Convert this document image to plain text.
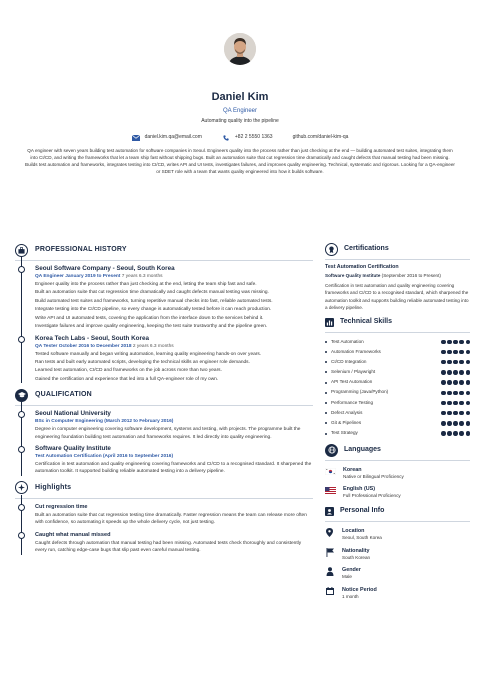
Daniel Kim
QA Engineer
Automating quality into the pipeline
daniel.kim.qa@email.com	+82 2 5550 1363	github.com/daniel-kim-qa
QA engineer with seven years building test automation for software companies in Seoul. Engineers quality into the process rather than just checking at the end — building automated test suites, integrating them into CI/CD, and writing the frameworks that let a team ship fast without shipping bugs. Built an automation suite that cut regression time dramatically and caught defects that manual testing had been missing. Builds test automation and frameworks, integrates testing into CI/CD, writes API and UI tests, investigates failures, and improves quality engineering. Technical, systematic and rigorous. Looking for a QA-engineer or SDET role with a team that wants quality engineered into how it builds software.
PROFESSIONAL HISTORY
Seoul Software Company - Seoul, South Korea
QA Engineer January 2019 to Present 7 years 6.3 months

Engineer quality into the process rather than just checking at the end, letting the team ship fast and safe.

Built an automation suite that cut regression time dramatically and caught defects manual testing was missing.

Build automated test suites and frameworks, turning repetitive manual checks into fast, reliable automated tests.

Integrate testing into the CI/CD pipeline, so every change is automatically tested before it can reach production.

Write API and UI automated tests, covering the application from the interface down to the services behind it.

Investigate failures and improve quality engineering, keeping the test suite trustworthy and the pipeline green.

Korea Tech Labs - Seoul, South Korea
QA Tester October 2016 to December 2018 2 years 6.3 months

Tested software manually and began writing automation, learning quality engineering hands-on over years.

Ran tests and built early automated scripts, developing the technical skills an engineer role demands.

Learned test automation, CI/CD and frameworks on the job across more than two years.

Gained the certification and experience that led into a full QA-engineer role of my own.

QUALIFICATION
Seoul National University
BSc in Computer Engineering (March 2012 to February 2016)

Degree in computer engineering covering software development, systems and testing, with projects. The programme built the engineering foundation building test automation and frameworks requires. It led directly into quality engineering.

Software Quality Institute
Test Automation Certification (April 2016 to September 2016)

Certification in test automation and quality engineering covering frameworks and CI/CD to a recognised standard. It sharpened the automation toolkit. It supported building reliable automated testing into a delivery pipeline.

Highlights
Cut regression time

Built an automation suite that cut regression testing time dramatically. Faster regression means the team can release more often with confidence, so automating it speeds up the whole delivery cycle, not just testing.

Caught what manual missed

Caught defects through automation that manual testing had been missing. Automated tests check thoroughly and consistently every run, catching edge-case bugs that slip past even careful manual testing.

Certifications
Test Automation Certification
Software Quality Institute (September 2016 to Present)
Certification in test automation and quality engineering covering frameworks and CI/CD to a recognised standard, which sharpened the automation toolkit and supports building reliable automated testing into a delivery pipeline.
Technical Skills
Test Automation
Automation Frameworks
CI/CD Integration
Selenium / Playwright
API Test Automation
Programming (Java/Python)
Performance Testing
Defect Analysis
Git & Pipelines
Test Strategy
Languages
Korean
Native or Bilingual Proficiency
English (US)
Full Professional Proficiency
Personal Info
Location
Seoul, South Korea
Nationality
South Korean
Gender
Male
Notice Period
1 month
